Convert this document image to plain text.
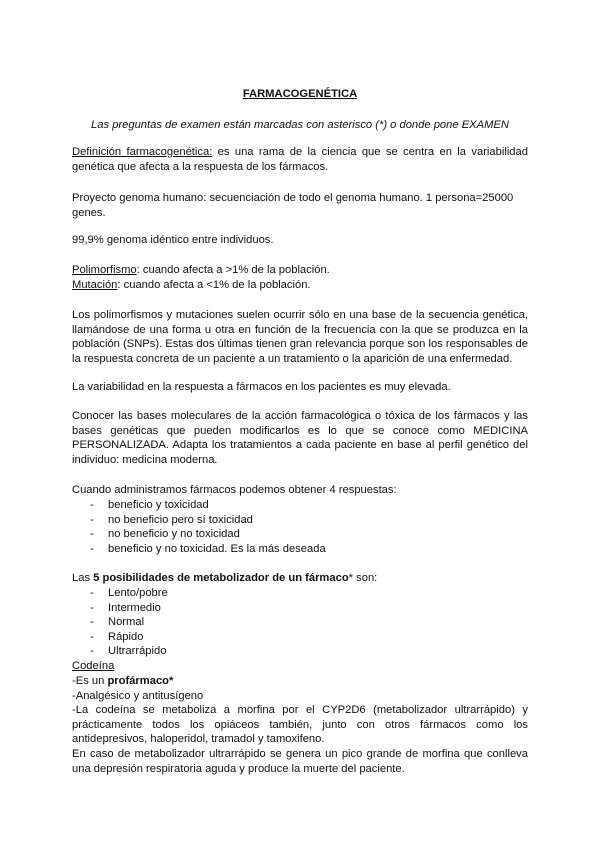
FARMACOGENÉTICA
Las preguntas de examen están marcadas con asterisco (*) o donde pone EXAMEN

Definición farmacogenética: es una rama de la ciencia que se centra en la variabilidad genética que afecta a la respuesta de los fármacos.

Proyecto genoma humano: secuenciación de todo el genoma humano. 1 persona=25000 genes.

99,9% genoma idéntico entre individuos.

Polimorfismo: cuando afecta a >1% de la población.

Mutación: cuando afecta a <1% de la población.

Los polimorfismos y mutaciones suelen ocurrir sólo en una base de la secuencia genética, llamándose de una forma u otra en función de la frecuencia con la que se produzca en la población (SNPs). Estas dos últimas tienen gran relevancia porque son los responsables de la respuesta concreta de un paciente a un tratamiento o la aparición de una enfermedad.

La variabilidad en la respuesta a fármacos en los pacientes es muy elevada.

Conocer las bases moleculares de la acción farmacológica o tóxica de los fármacos y las bases genéticas que pueden modificarlos es lo que se conoce como MEDICINA PERSONALIZADA. Adapta los tratamientos a cada paciente en base al perfil genético del individuo: medicina moderna.

Cuando administramos fármacos podemos obtener 4 respuestas:

- beneficio y toxicidad
- no beneficio pero sí toxicidad
- no beneficio y no toxicidad
- beneficio y no toxicidad. Es la más deseada

Las 5 posibilidades de metabolizador de un fármaco* son:

- Lento/pobre
- Intermedio
- Normal
- Rápido
- Ultrarrápido

Codeína

-Es un profármaco*

-Analgésico y antitusígeno

-La codeína se metaboliza a morfina por el CYP2D6 (metabolizador ultrarrápido) y prácticamente todos los opiáceos también, junto con otros fármacos como los antidepresivos, haloperidol, tramadol y tamoxifeno.

En caso de metabolizador ultrarrápido se genera un pico grande de morfina que conlleva una depresión respiratoria aguda y produce la muerte del paciente.
